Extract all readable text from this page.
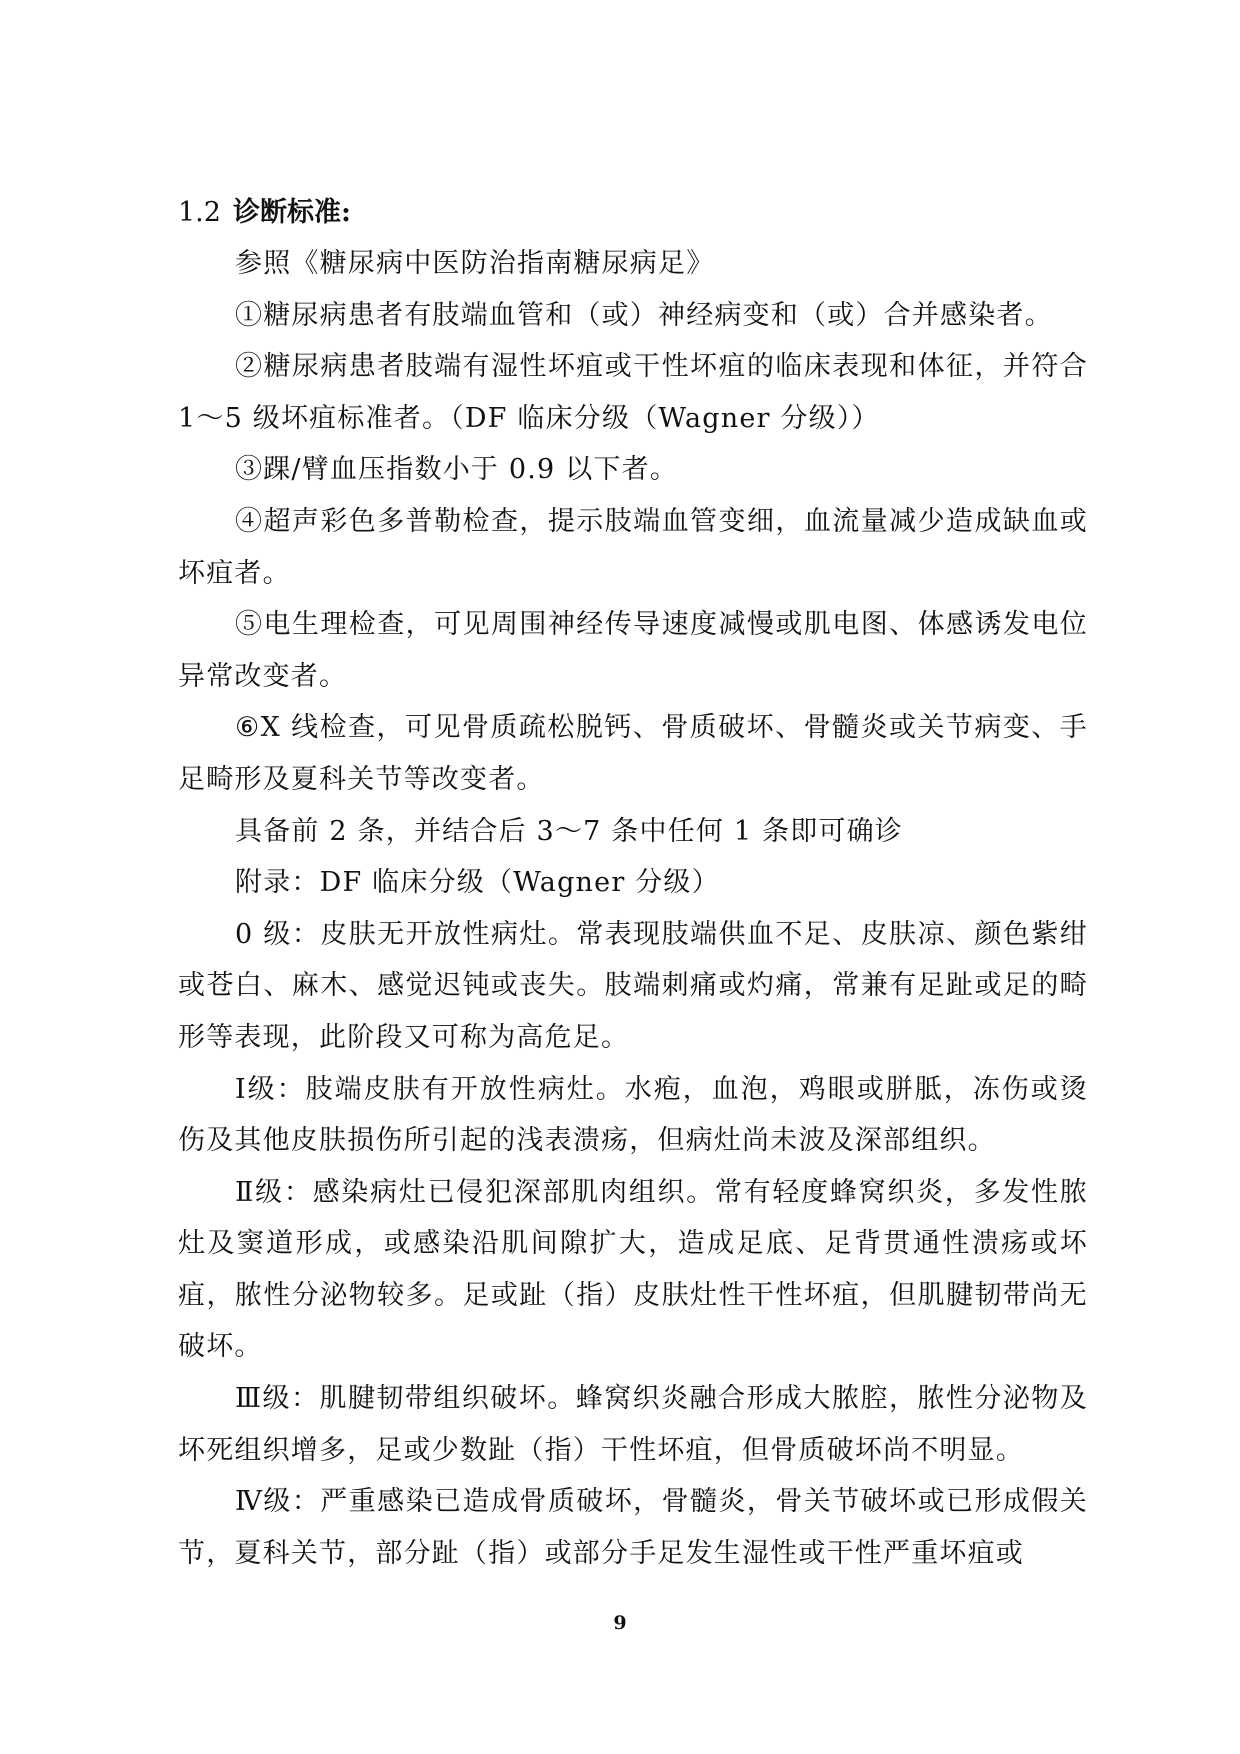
1.2 诊断标准:

参照《糖尿病中医防治指南糖尿病足》

①糖尿病患者有肢端血管和（或）神经病变和（或）合并感染者。

②糖尿病患者肢端有湿性坏疽或干性坏疽的临床表现和体征，并符合 1～5 级坏疽标准者。（DF 临床分级（Wagner 分级））

③踝/臂血压指数小于 0.9 以下者。

④超声彩色多普勒检查，提示肢端血管变细，血流量减少造成缺血或坏疽者。

⑤电生理检查，可见周围神经传导速度减慢或肌电图、体感诱发电位异常改变者。

⑥X 线检查，可见骨质疏松脱钙、骨质破坏、骨髓炎或关节病变、手足畸形及夏科关节等改变者。

具备前 2 条，并结合后 3～7 条中任何 1 条即可确诊

附录：DF 临床分级（Wagner 分级）

0 级：皮肤无开放性病灶。常表现肢端供血不足、皮肤凉、颜色紫绀或苍白、麻木、感觉迟钝或丧失。肢端刺痛或灼痛，常兼有足趾或足的畸形等表现，此阶段又可称为高危足。

Ⅰ级：肢端皮肤有开放性病灶。水疱，血泡，鸡眼或胼胝，冻伤或烫伤及其他皮肤损伤所引起的浅表溃疡，但病灶尚未波及深部组织。

Ⅱ级：感染病灶已侵犯深部肌肉组织。常有轻度蜂窝织炎，多发性脓灶及窦道形成，或感染沿肌间隙扩大，造成足底、足背贯通性溃疡或坏疽，脓性分泌物较多。足或趾（指）皮肤灶性干性坏疽，但肌腱韧带尚无破坏。

Ⅲ级：肌腱韧带组织破坏。蜂窝织炎融合形成大脓腔，脓性分泌物及坏死组织增多，足或少数趾（指）干性坏疽，但骨质破坏尚不明显。

Ⅳ级：严重感染已造成骨质破坏，骨髓炎，骨关节破坏或已形成假关节，夏科关节，部分趾（指）或部分手足发生湿性或干性严重坏疽或

9
